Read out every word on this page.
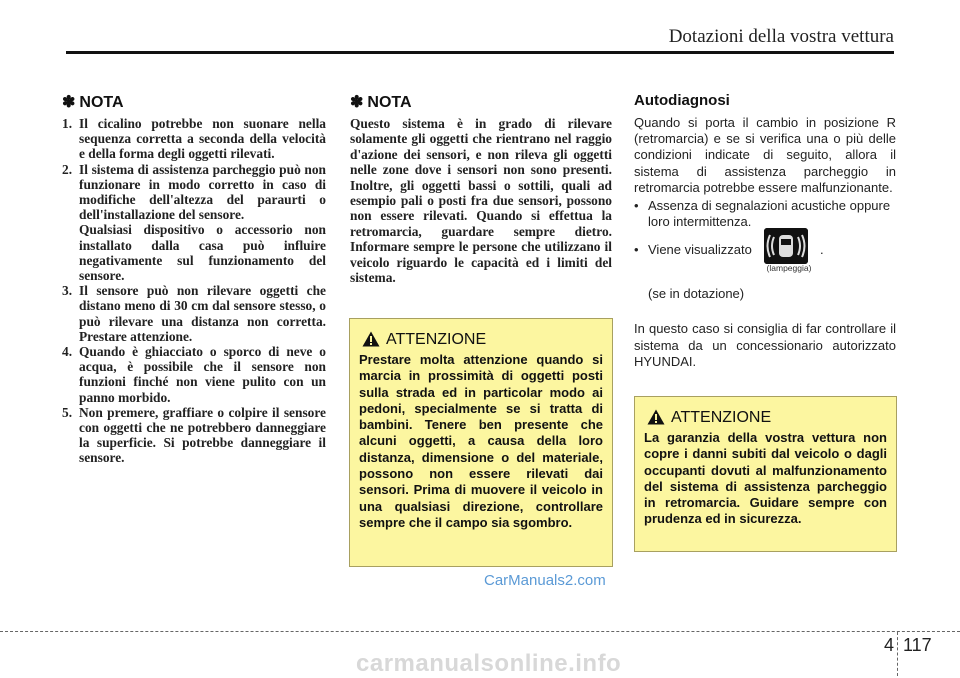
Dotazioni della vostra vettura
✽ NOTA
1. Il cicalino potrebbe non suonare nella sequenza corretta a seconda della velocità e della forma degli oggetti rilevati.
2. Il sistema di assistenza parcheggio può non funzionare in modo corretto in caso di modifiche dell'altezza del paraurti o dell'installazione del sensore.
Qualsiasi dispositivo o accessorio non installato dalla casa può influire negativamente sul funzionamento del sensore.
3. Il sensore può non rilevare oggetti che distano meno di 30 cm dal sensore stesso, o può rilevare una distanza non corretta. Prestare attenzione.
4. Quando è ghiacciato o sporco di neve o acqua, è possibile che il sensore non funzioni finché non viene pulito con un panno morbido.
5. Non premere, graffiare o colpire il sensore con oggetti che ne potrebbero danneggiare la superficie. Si potrebbe danneggiare il sensore.
✽ NOTA

Questo sistema è in grado di rilevare solamente gli oggetti che rientrano nel raggio d'azione dei sensori, e non rileva gli oggetti nelle zone dove i sensori non sono presenti. Inoltre, gli oggetti bassi o sottili, quali ad esempio pali o posti fra due sensori, possono non essere rilevati. Quando si effettua la retromarcia, guardare sempre dietro. Informare sempre le persone che utilizzano il veicolo riguardo le capacità ed i limiti del sistema.

ATTENZIONE

Prestare molta attenzione quando si marcia in prossimità di oggetti posti sulla strada ed in particolar modo ai pedoni, specialmente se si tratta di bambini. Tenere ben presente che alcuni oggetti, a causa della loro distanza, dimensione o del materiale, possono non essere rilevati dai sensori. Prima di muovere il veicolo in una qualsiasi direzione, controllare sempre che il campo sia sgombro.

Autodiagnosi

Quando si porta il cambio in posizione R (retromarcia) e se si verifica una o più delle condizioni indicate di seguito, allora il sistema di assistenza parcheggio in retromarcia potrebbe essere malfunzionante.

• Assenza di segnalazioni acustiche oppure loro intermittenza.
• Viene visualizzato
(lampeggia)
.
(se in dotazione)

In questo caso si consiglia di far controllare il sistema da un concessionario autorizzato HYUNDAI.

ATTENZIONE

La garanzia della vostra vettura non copre i danni subiti dal veicolo o dagli occupanti dovuti al malfunzionamento del sistema di assistenza parcheggio in retromarcia. Guidare sempre con prudenza ed in sicurezza.

CarManuals2.com
4 117
carmanualsonline.info
